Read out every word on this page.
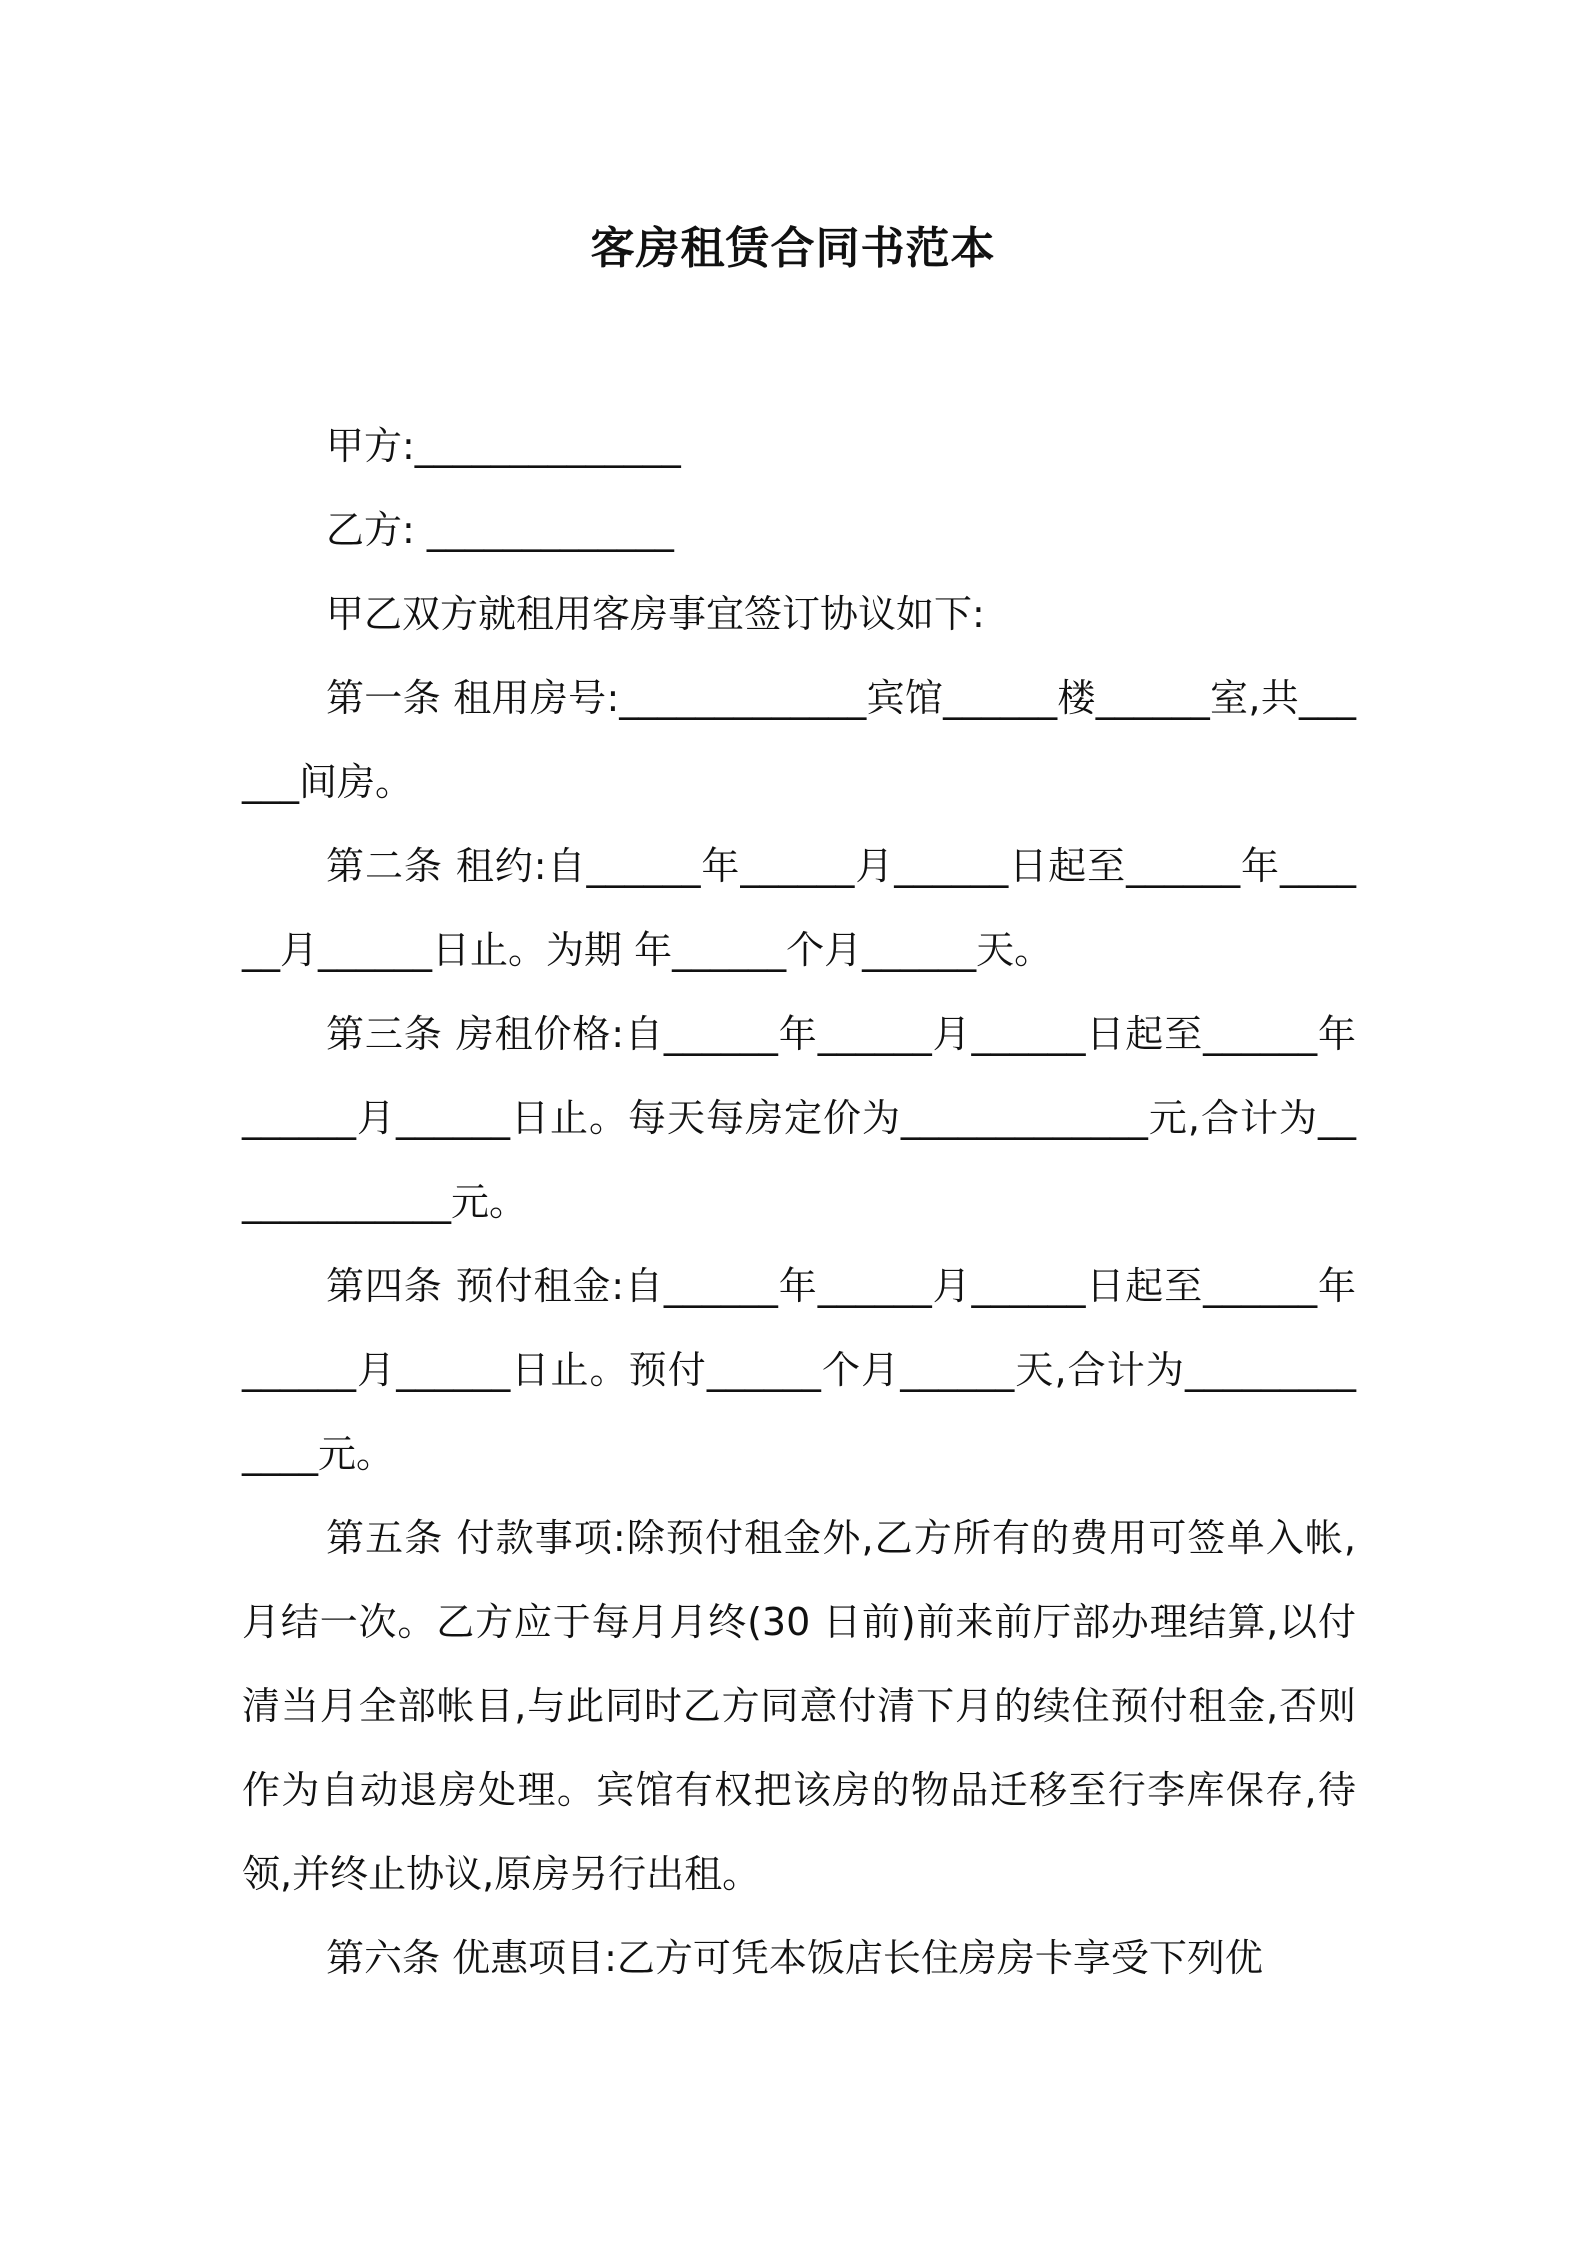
客房租赁合同书范本

甲方:______________

乙方: _____________

甲乙双方就租用客房事宜签订协议如下:

第一条 租用房号:_____________宾馆______楼______室,共______间房。

第二条 租约:自______年______月______日起至______年______月______日止。为期 年______个月______天。

第三条 房租价格:自______年______月______日起至______年______月______日止。每天每房定价为_____________元,合计为_____________元。

第四条 预付租金:自______年______月______日起至______年______月______日止。预付______个月______天,合计为_____________元。

第五条 付款事项:除预付租金外,乙方所有的费用可签单入帐,月结一次。乙方应于每月月终(30 日前)前来前厅部办理结算,以付清当月全部帐目,与此同时乙方同意付清下月的续住预付租金,否则作为自动退房处理。宾馆有权把该房的物品迁移至行李库保存,待领,并终止协议,原房另行出租。

第六条 优惠项目:乙方可凭本饭店长住房房卡享受下列优
